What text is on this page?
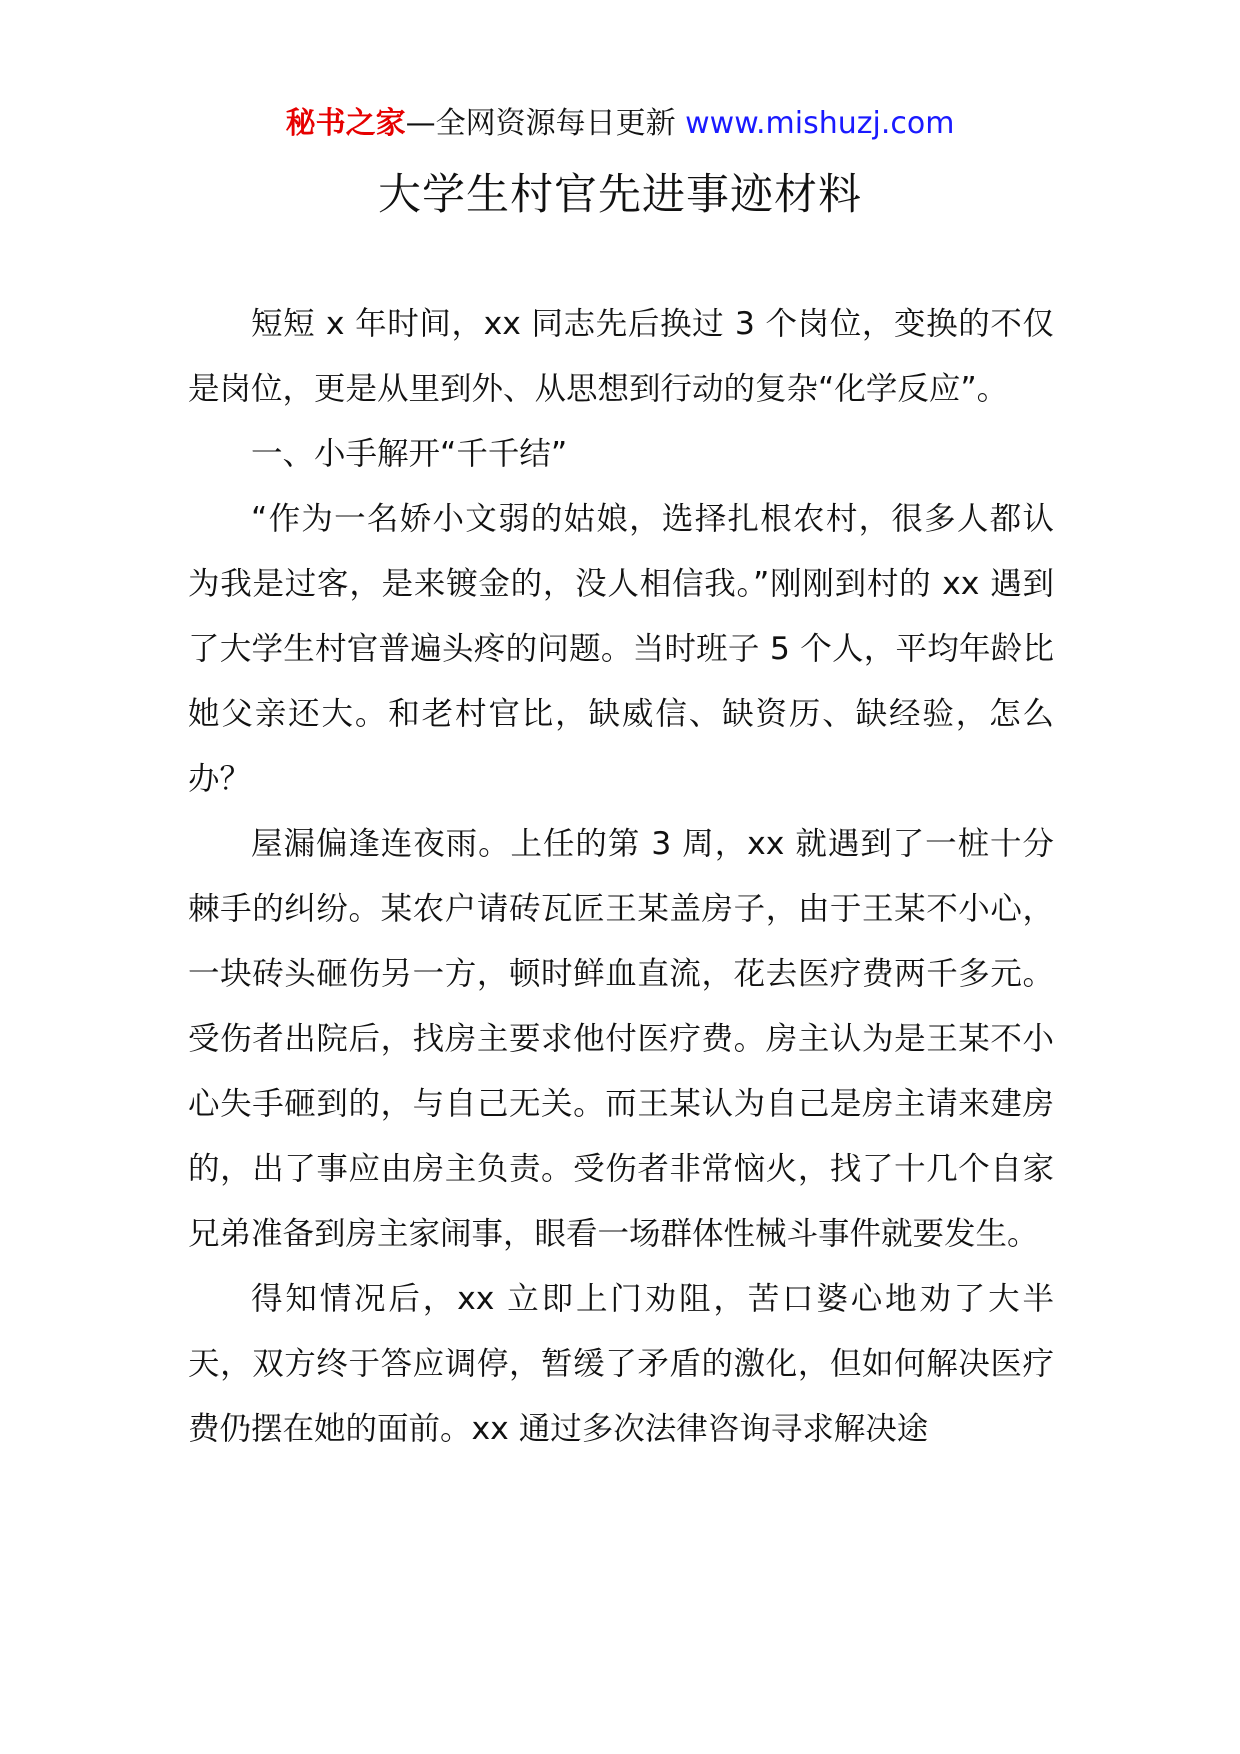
秘书之家—全网资源每日更新 www.mishuzj.com
大学生村官先进事迹材料

短短 x 年时间，xx 同志先后换过 3 个岗位，变换的不仅是岗位，更是从里到外、从思想到行动的复杂“化学反应”。

一、小手解开“千千结”

“作为一名娇小文弱的姑娘，选择扎根农村，很多人都认为我是过客，是来镀金的，没人相信我。”刚刚到村的 xx 遇到了大学生村官普遍头疼的问题。当时班子 5 个人，平均年龄比她父亲还大。和老村官比，缺威信、缺资历、缺经验，怎么办？

屋漏偏逢连夜雨。上任的第 3 周，xx 就遇到了一桩十分棘手的纠纷。某农户请砖瓦匠王某盖房子，由于王某不小心，一块砖头砸伤另一方，顿时鲜血直流，花去医疗费两千多元。受伤者出院后，找房主要求他付医疗费。房主认为是王某不小心失手砸到的，与自己无关。而王某认为自己是房主请来建房的，出了事应由房主负责。受伤者非常恼火，找了十几个自家兄弟准备到房主家闹事，眼看一场群体性械斗事件就要发生。

得知情况后，xx 立即上门劝阻，苦口婆心地劝了大半天，双方终于答应调停，暂缓了矛盾的激化，但如何解决医疗费仍摆在她的面前。xx 通过多次法律咨询寻求解决途
